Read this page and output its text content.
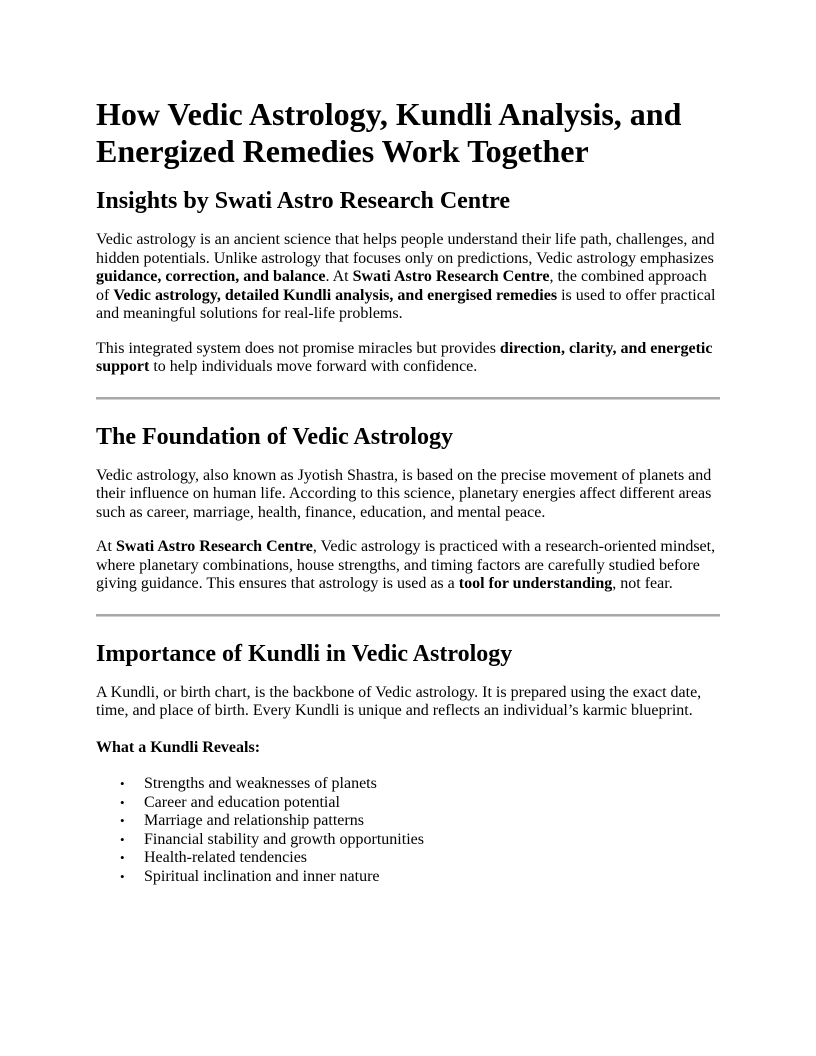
How Vedic Astrology, Kundli Analysis, and Energized Remedies Work Together
Insights by Swati Astro Research Centre

Vedic astrology is an ancient science that helps people understand their life path, challenges, and hidden potentials. Unlike astrology that focuses only on predictions, Vedic astrology emphasizes guidance, correction, and balance. At Swati Astro Research Centre, the combined approach of Vedic astrology, detailed Kundli analysis, and energised remedies is used to offer practical and meaningful solutions for real-life problems.

This integrated system does not promise miracles but provides direction, clarity, and energetic support to help individuals move forward with confidence.

The Foundation of Vedic Astrology

Vedic astrology, also known as Jyotish Shastra, is based on the precise movement of planets and their influence on human life. According to this science, planetary energies affect different areas such as career, marriage, health, finance, education, and mental peace.

At Swati Astro Research Centre, Vedic astrology is practiced with a research-oriented mindset, where planetary combinations, house strengths, and timing factors are carefully studied before giving guidance. This ensures that astrology is used as a tool for understanding, not fear.

Importance of Kundli in Vedic Astrology

A Kundli, or birth chart, is the backbone of Vedic astrology. It is prepared using the exact date, time, and place of birth. Every Kundli is unique and reflects an individual’s karmic blueprint.

What a Kundli Reveals:
• Strengths and weaknesses of planets
• Career and education potential
• Marriage and relationship patterns
• Financial stability and growth opportunities
• Health-related tendencies
• Spiritual inclination and inner nature
